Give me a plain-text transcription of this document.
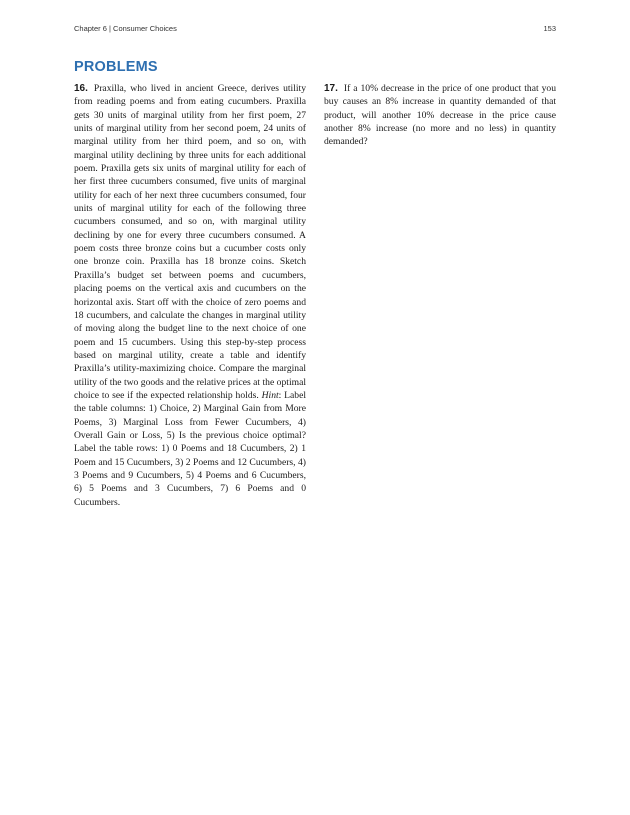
Chapter 6 | Consumer Choices	153
PROBLEMS

16. Praxilla, who lived in ancient Greece, derives utility from reading poems and from eating cucumbers. Praxilla gets 30 units of marginal utility from her first poem, 27 units of marginal utility from her second poem, 24 units of marginal utility from her third poem, and so on, with marginal utility declining by three units for each additional poem. Praxilla gets six units of marginal utility for each of her first three cucumbers consumed, five units of marginal utility for each of her next three cucumbers consumed, four units of marginal utility for each of the following three cucumbers consumed, and so on, with marginal utility declining by one for every three cucumbers consumed. A poem costs three bronze coins but a cucumber costs only one bronze coin. Praxilla has 18 bronze coins. Sketch Praxilla’s budget set between poems and cucumbers, placing poems on the vertical axis and cucumbers on the horizontal axis. Start off with the choice of zero poems and 18 cucumbers, and calculate the changes in marginal utility of moving along the budget line to the next choice of one poem and 15 cucumbers. Using this step-by-step process based on marginal utility, create a table and identify Praxilla’s utility-maximizing choice. Compare the marginal utility of the two goods and the relative prices at the optimal choice to see if the expected relationship holds. Hint: Label the table columns: 1) Choice, 2) Marginal Gain from More Poems, 3) Marginal Loss from Fewer Cucumbers, 4) Overall Gain or Loss, 5) Is the previous choice optimal? Label the table rows: 1) 0 Poems and 18 Cucumbers, 2) 1 Poem and 15 Cucumbers, 3) 2 Poems and 12 Cucumbers, 4) 3 Poems and 9 Cucumbers, 5) 4 Poems and 6 Cucumbers, 6) 5 Poems and 3 Cucumbers, 7) 6 Poems and 0 Cucumbers.

17. If a 10% decrease in the price of one product that you buy causes an 8% increase in quantity demanded of that product, will another 10% decrease in the price cause another 8% increase (no more and no less) in quantity demanded?
